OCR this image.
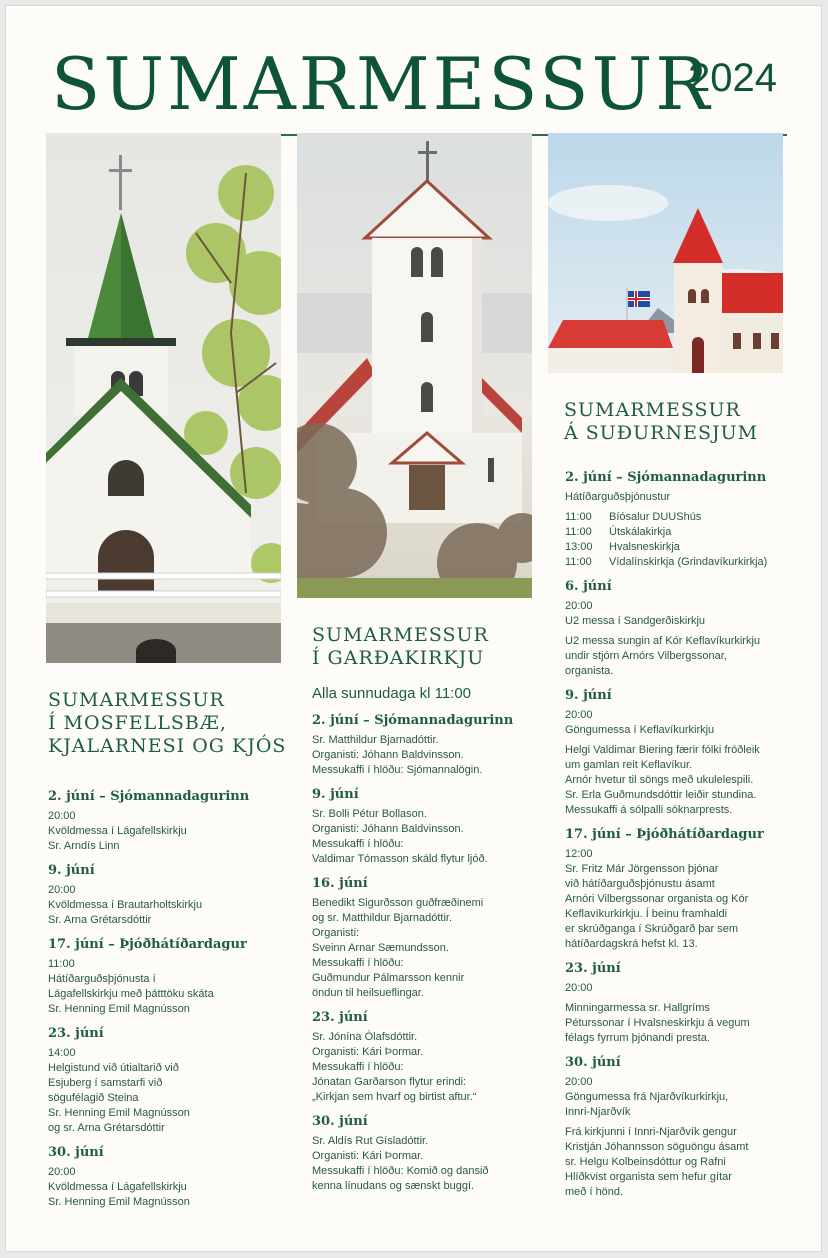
SUMARMESSUR
2024
SUMARMESSUR
Í MOSFELLSBÆ,
KJALARNESI OG KJÓS
2. júní – Sjómannadagurinn
20:00
Kvöldmessa í Lágafellskirkju
Sr. Arndís Linn
9. júní
20:00
Kvöldmessa í Brautarholtskirkju
Sr. Arna Grétarsdóttir
17. júní – Þjóðhátíðardagur
11:00
Hátíðarguðsþjónusta í
Lágafellskirkju með þátttöku skáta
Sr. Henning Emil Magnússon
23. júní
14:00
Helgistund við útialtarið við
Esjuberg í samstarfi við
sögufélagið Steina
Sr. Henning Emil Magnússon
og sr. Arna Grétarsdóttir
30. júní
20:00
Kvöldmessa í Lágafellskirkju
Sr. Henning Emil Magnússon
SUMARMESSUR
Í GARÐAKIRKJU
Alla sunnudaga kl 11:00
2. júní – Sjómannadagurinn
Sr. Matthildur Bjarnadóttir.
Organisti: Jóhann Baldvinsson.
Messukaffi í hlöðu: Sjómannalögin.
9. júní
Sr. Bolli Pétur Bollason.
Organisti: Jóhann Baldvinsson.
Messukaffi í hlöðu:
Valdimar Tómasson skáld flytur ljóð.
16. júní
Benedikt Sigurðsson guðfræðinemi
og sr. Matthildur Bjarnadóttir.
Organisti:
Sveinn Arnar Sæmundsson.
Messukaffi í hlöðu:
Guðmundur Pálmarsson kennir
öndun til heilsueflingar.
23. júní
Sr. Jónína Ólafsdóttir.
Organisti: Kári Þormar.
Messukaffi í hlöðu:
Jónatan Garðarson flytur erindi:
„Kirkjan sem hvarf og birtist aftur.“
30. júní
Sr. Aldís Rut Gísladóttir.
Organisti: Kári Þormar.
Messukaffi í hlöðu: Komið og dansið
kenna línudans og sænskt buggí.
SUMARMESSUR
Á SUÐURNESJUM
2. júní – Sjómannadagurinn
Hátíðarguðsþjónustur
11:00 Bíósalur DUUShús
11:00 Útskálakirkja
13:00 Hvalsneskirkja
11:00 Vídalínskirkja (Grindavíkurkirkja)
6. júní
20:00
U2 messa í Sandgerðiskirkju
U2 messa sungin af Kór Keflavíkurkirkju
undir stjórn Arnórs Vilbergssonar,
organista.
9. júní
20:00
Göngumessa í Keflavíkurkirkju
Helgi Valdimar Biering færir fólki fróðleik
um gamlan reit Keflavíkur.
Arnór hvetur til söngs með ukulelespili.
Sr. Erla Guðmundsdóttir leiðir stundina.
Messukaffi á sólpalli sóknarprests.
17. júní – Þjóðhátíðardagur
12:00
Sr. Fritz Már Jörgensson þjónar
við hátíðarguðsþjónustu ásamt
Arnóri Vilbergssonar organista og Kór
Keflavíkurkirkju. Í beinu framhaldi
er skrúðganga í Skrúðgarð þar sem
hátíðardagskrá hefst kl. 13.
23. júní
20:00
Minningarmessa sr. Hallgríms
Péturssonar í Hvalsneskirkju á vegum
félags fyrrum þjónandi presta.
30. júní
20:00
Göngumessa frá Njarðvíkurkirkju,
Innri-Njarðvík
Frá kirkjunni í Innri-Njarðvík gengur
Kristján Jóhannsson söguöngu ásamt
sr. Helgu Kolbeinsdóttur og Rafni
Hlíðkvist organista sem hefur gítar
með í hönd.
